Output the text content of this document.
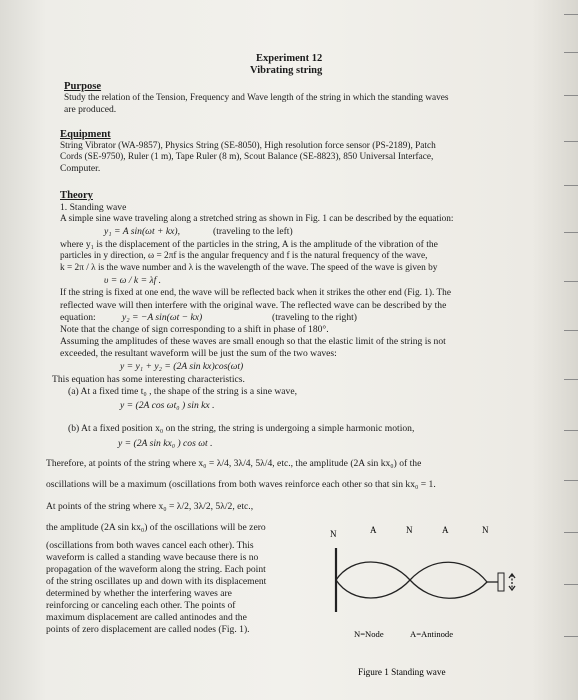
Experiment 12
Vibrating string
Purpose
Study the relation of the Tension, Frequency and Wave length of the string in which the standing waves
are produced.
Equipment
String Vibrator (WA-9857), Physics String (SE-8050), High resolution force sensor (PS-2189), Patch
Cords (SE-9750), Ruler (1 m), Tape Ruler (8 m), Scout Balance (SE-8823), 850 Universal Interface,
Computer.
Theory
1. Standing wave
A simple sine wave traveling along a stretched string as shown in Fig. 1 can be described by the equation:
y₁ = A sin(ωt + kx),	(traveling to the left)
where y₁ is the displacement of the particles in the string, A is the amplitude of the vibration of the
particles in y direction, ω = 2πf is the angular frequency and f is the natural frequency of the wave,
k = 2π / λ is the wave number and λ is the wavelength of the wave. The speed of the wave is given by
υ = ω / k = λf .
If the string is fixed at one end, the wave will be reflected back when it strikes the other end (Fig. 1). The
reflected wave will then interfere with the original wave. The reflected wave can be described by the
equation:	y₂ = −A sin(ωt − kx)	(traveling to the right)
Note that the change of sign corresponding to a shift in phase of 180°.
Assuming the amplitudes of these waves are small enough so that the elastic limit of the string is not
exceeded, the resultant waveform will be just the sum of the two waves:
y = y₁ + y₂ = (2A sin kx)cos(ωt)
This equation has some interesting characteristics.
(a) At a fixed time t₀ , the shape of the string is a sine wave,
y = (2A cos ωt₀ ) sin kx .
(b) At a fixed position x₀ on the string, the string is undergoing a simple harmonic motion,
y = (2A sin kx₀ ) cos ωt .
Therefore, at points of the string where x₀ = λ/4, 3λ/4, 5λ/4, etc., the amplitude (2A sin kx₀) of the
oscillations will be a maximum (oscillations from both waves reinforce each other so that sin kx₀ = 1.
At points of the string where x₀ = λ/2, 3λ/2, 5λ/2, etc.,
the amplitude (2A sin kx₀) of the oscillations will be zero
(oscillations from both waves cancel each other). This
waveform is called a standing wave because there is no
propagation of the waveform along the string. Each point
of the string oscillates up and down with its displacement
determined by whether the interfering waves are
reinforcing or canceling each other. The points of
maximum displacement are called antinodes and the
points of zero displacement are called nodes (Fig. 1).
N	A	N	A	N
N=Node	A=Antinode
Figure 1 Standing wave
